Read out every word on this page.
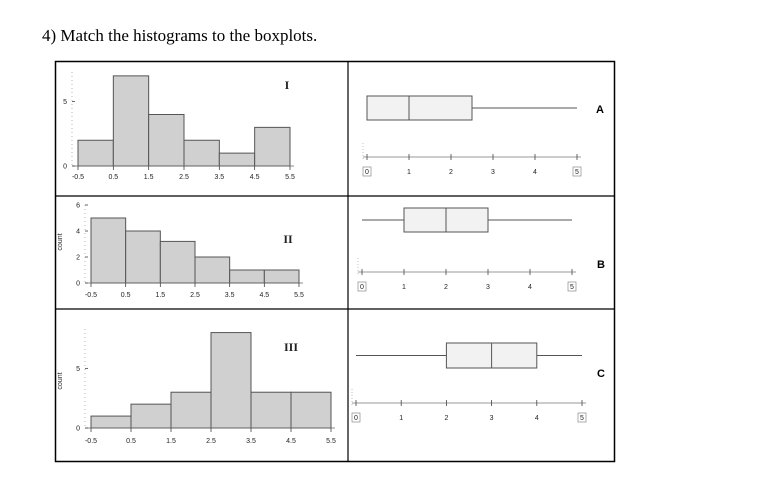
4) Match the histograms to the boxplots.
-0.5	0.5	1.5	2.5	3.5	4.5	5.5
0
5
I
-0.5	0.5	1.5	2.5	3.5	4.5	5.5
0
2
4
6
count	II
-0.5	0.5	1.5	2.5	3.5	4.5	5.5
0
5
count
III
0	1	2	3	4	5
A
0	1	2	3	4	5
B
0	1	2	3	4	5
C
